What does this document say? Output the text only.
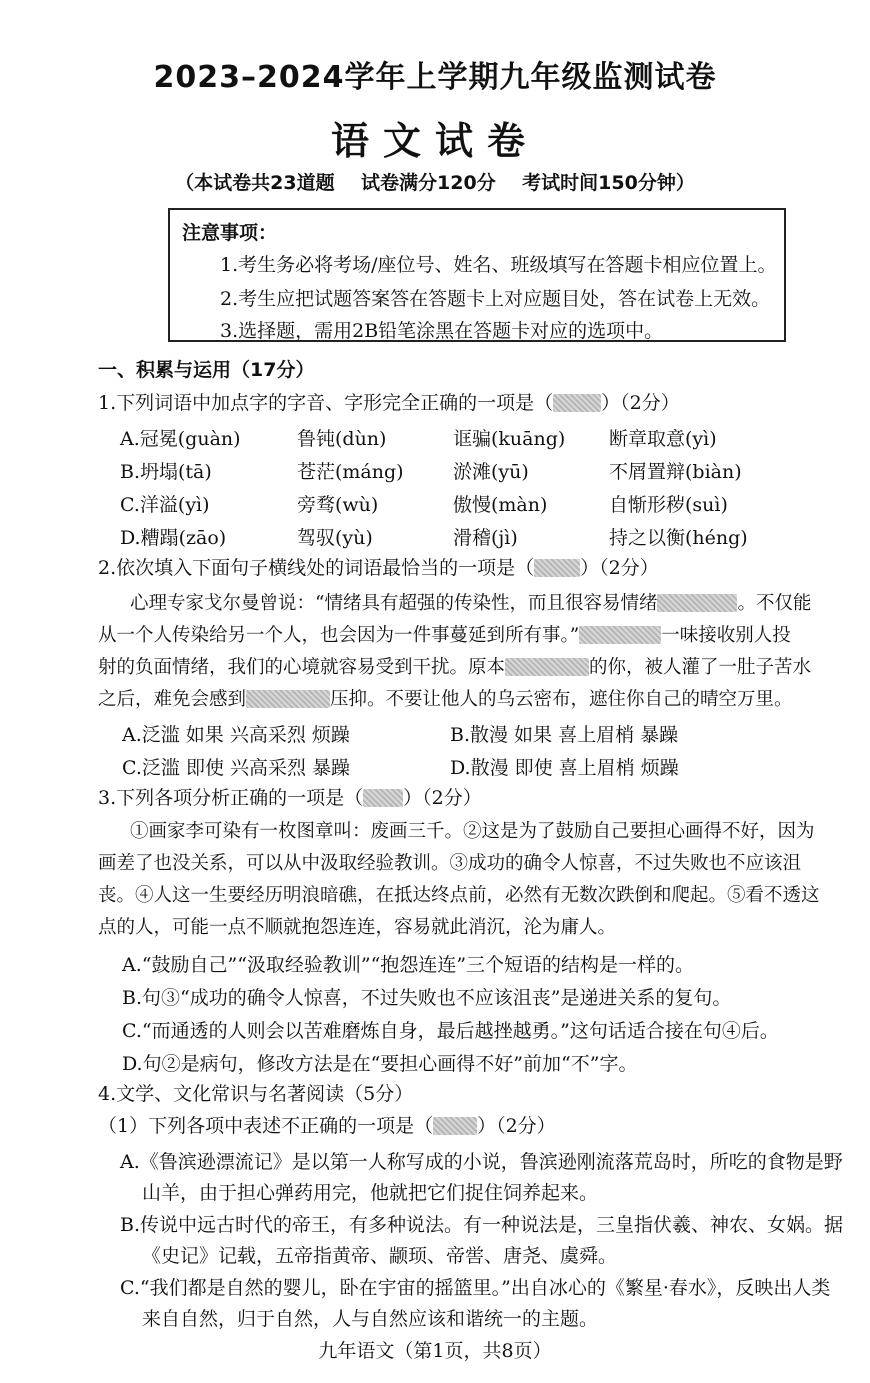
2023–2024学年上学期九年级监测试卷
语文试卷
（本试卷共23道题    试卷满分120分    考试时间150分钟）
注意事项：
1.考生务必将考场/座位号、姓名、班级填写在答题卡相应位置上。
2.考生应把试题答案答在答题卡上对应题目处，答在试卷上无效。
3.选择题，需用2B铅笔涂黑在答题卡对应的选项中。
一、积累与运用（17分）
1.下列词语中加点字的字音、字形完全正确的一项是（	）（2分）
A.冠冕(guàn)	鲁钝(dùn)	诓骗(kuāng) 断章取意(yì)
B.坍塌(tā)	苍茫(máng)	淤滩(yū)	不屑置辩(biàn)
C.洋溢(yì)	旁骛(wù)	傲慢(màn)	自惭形秽(suì)
D.糟蹋(zāo)	驾驭(yù)	滑稽(jì)	持之以衡(héng)
2.依次填入下面句子横线处的词语最恰当的一项是（ ）（2分）
心理专家戈尔曼曾说：“情绪具有超强的传染性，而且很容易情绪	。不仅能
从一个人传染给另一个人，也会因为一件事蔓延到所有事。”	一味接收别人投
射的负面情绪，我们的心境就容易受到干扰。原本	的你，被人灌了一肚子苦水
之后，难免会感到	压抑。不要让他人的乌云密布，遮住你自己的晴空万里。
A.泛滥 如果 兴高采烈 烦躁	B.散漫 如果 喜上眉梢 暴躁
C.泛滥 即使 兴高采烈 暴躁	D.散漫 即使 喜上眉梢 烦躁
3.下列各项分析正确的一项是（ ）（2分）
①画家李可染有一枚图章叫：废画三千。②这是为了鼓励自己要担心画得不好，因为
画差了也没关系，可以从中汲取经验教训。③成功的确令人惊喜，不过失败也不应该沮
丧。④人这一生要经历明浪暗礁，在抵达终点前，必然有无数次跌倒和爬起。⑤看不透这
点的人，可能一点不顺就抱怨连连，容易就此消沉，沦为庸人。
A.“鼓励自己”“汲取经验教训”“抱怨连连”三个短语的结构是一样的。
B.句③“成功的确令人惊喜，不过失败也不应该沮丧”是递进关系的复句。
C.“而通透的人则会以苦难磨炼自身，最后越挫越勇。”这句话适合接在句④后。
D.句②是病句，修改方法是在“要担心画得不好”前加“不”字。
4.文学、文化常识与名著阅读（5分）
（1）下列各项中表述不正确的一项是（ ）（2分）
A.《鲁滨逊漂流记》是以第一人称写成的小说，鲁滨逊刚流落荒岛时，所吃的食物是野
山羊，由于担心弹药用完，他就把它们捉住饲养起来。
B.传说中远古时代的帝王，有多种说法。有一种说法是，三皇指伏羲、神农、女娲。据
《史记》记载，五帝指黄帝、颛顼、帝喾、唐尧、虞舜。
C.“我们都是自然的婴儿，卧在宇宙的摇篮里。”出自冰心的《繁星·春水》，反映出人类
来自自然，归于自然，人与自然应该和谐统一的主题。
九年语文（第1页，共8页）
